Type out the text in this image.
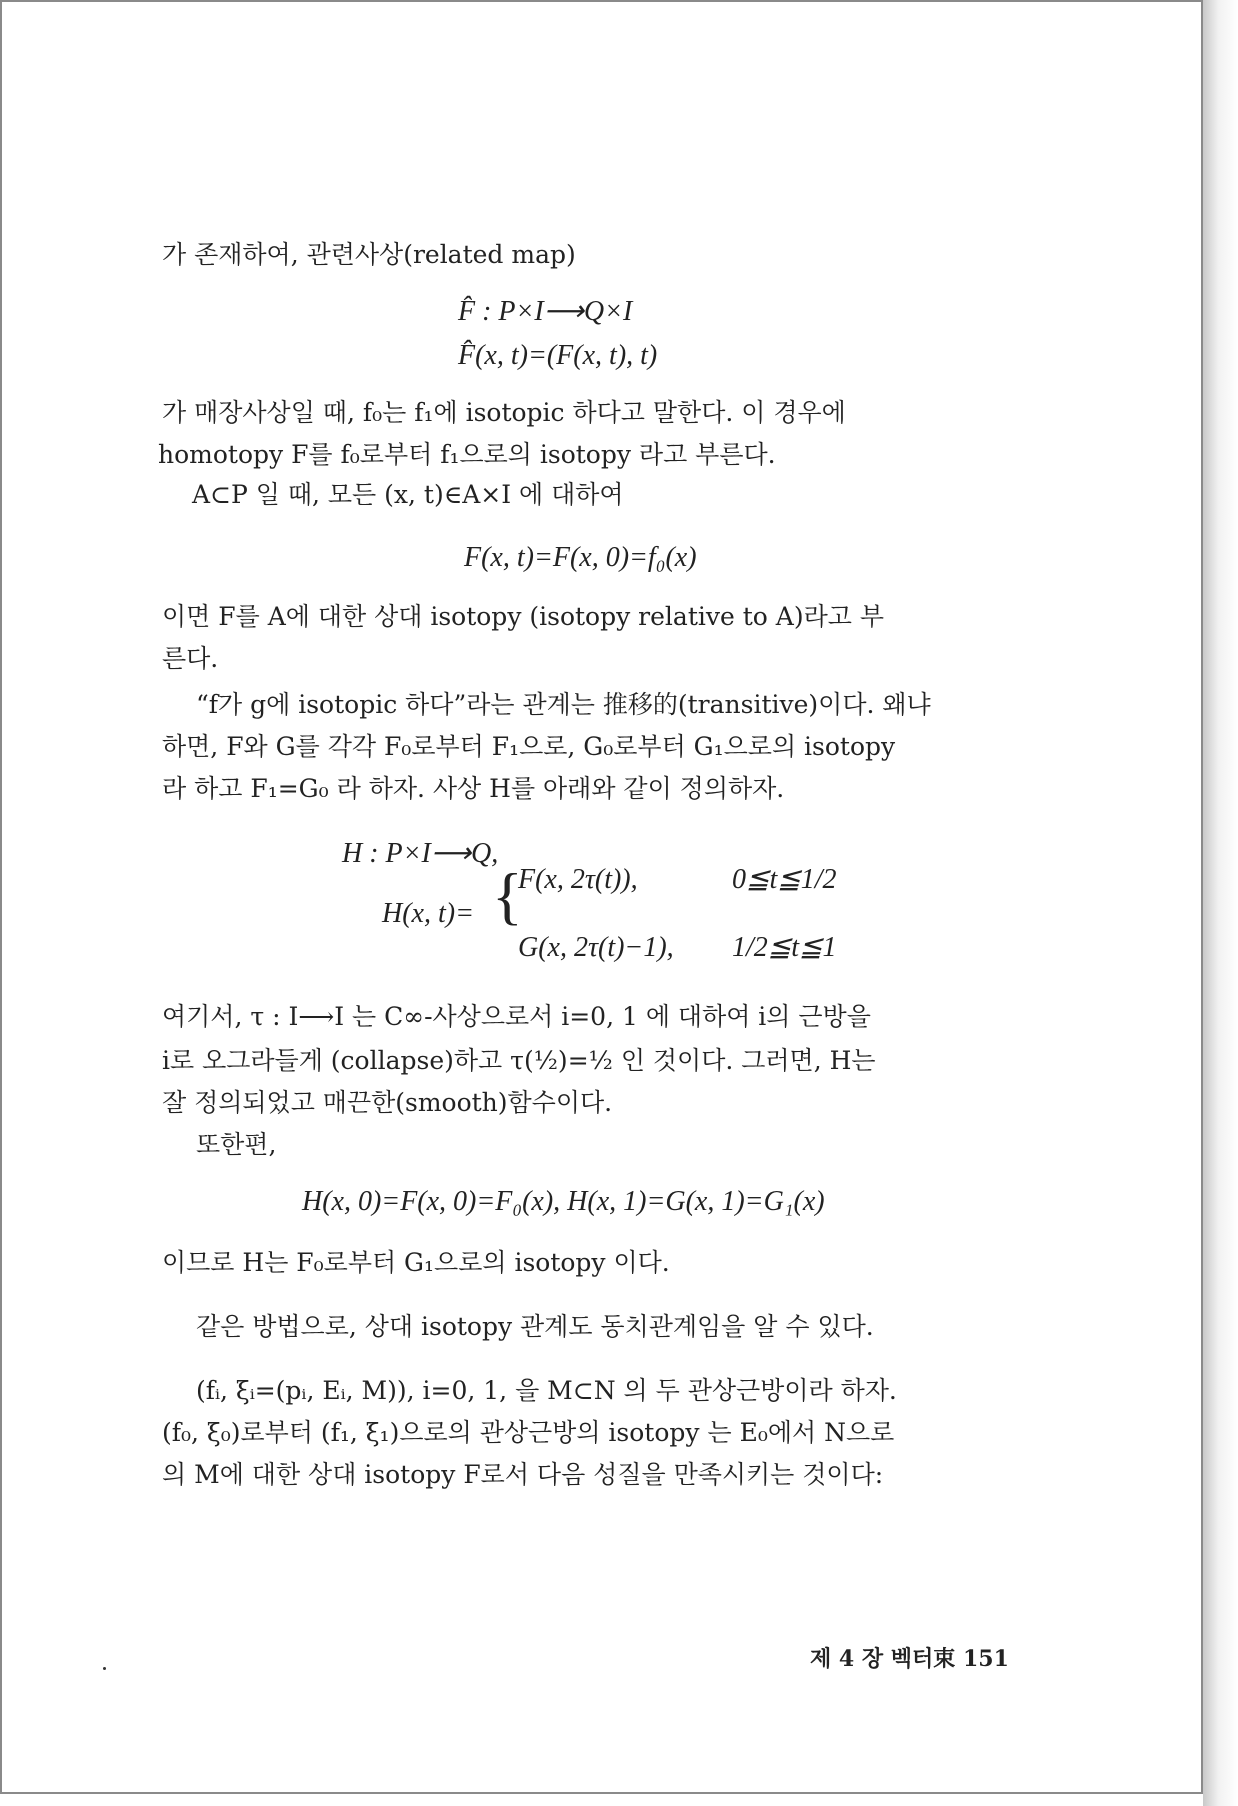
가 존재하여, 관련사상(related map)
F̂ : P×I⟶Q×I
F̂(x, t)=(F(x, t), t)
가 매장사상일 때, f₀는 f₁에 isotopic 하다고 말한다. 이 경우에
homotopy F를 f₀로부터 f₁으로의 isotopy 라고 부른다.
A⊂P 일 때, 모든 (x, t)∈A×I 에 대하여
F(x, t)=F(x, 0)=f₀(x)
이면 F를 A에 대한 상대 isotopy (isotopy relative to A)라고 부
른다.
“f가 g에 isotopic 하다”라는 관계는 推移的(transitive)이다. 왜냐
하면, F와 G를 각각 F₀로부터 F₁으로, G₀로부터 G₁으로의 isotopy
라 하고 F₁=G₀ 라 하자. 사상 H를 아래와 같이 정의하자.
H : P×I⟶Q,
H(x, t)= {
F(x, 2τ(t)),	0≦t≦1/2
G(x, 2τ(t)−1), 1/2≦t≦1
여기서, τ : I⟶I 는 C∞-사상으로서 i=0, 1 에 대하여 i의 근방을
i로 오그라들게 (collapse)하고 τ(½)=½ 인 것이다. 그러면, H는
잘 정의되었고 매끈한(smooth)함수이다.
또한편,
H(x, 0)=F(x, 0)=F₀(x), H(x, 1)=G(x, 1)=G₁(x)
이므로 H는 F₀로부터 G₁으로의 isotopy 이다.
같은 방법으로, 상대 isotopy 관계도 동치관계임을 알 수 있다.
(fᵢ, ξᵢ=(pᵢ, Eᵢ, M)), i=0, 1, 을 M⊂N 의 두 관상근방이라 하자.
(f₀, ξ₀)로부터 (f₁, ξ₁)으로의 관상근방의 isotopy 는 E₀에서 N으로
의 M에 대한 상대 isotopy F로서 다음 성질을 만족시키는 것이다:
제 4 장 벡터束 151
